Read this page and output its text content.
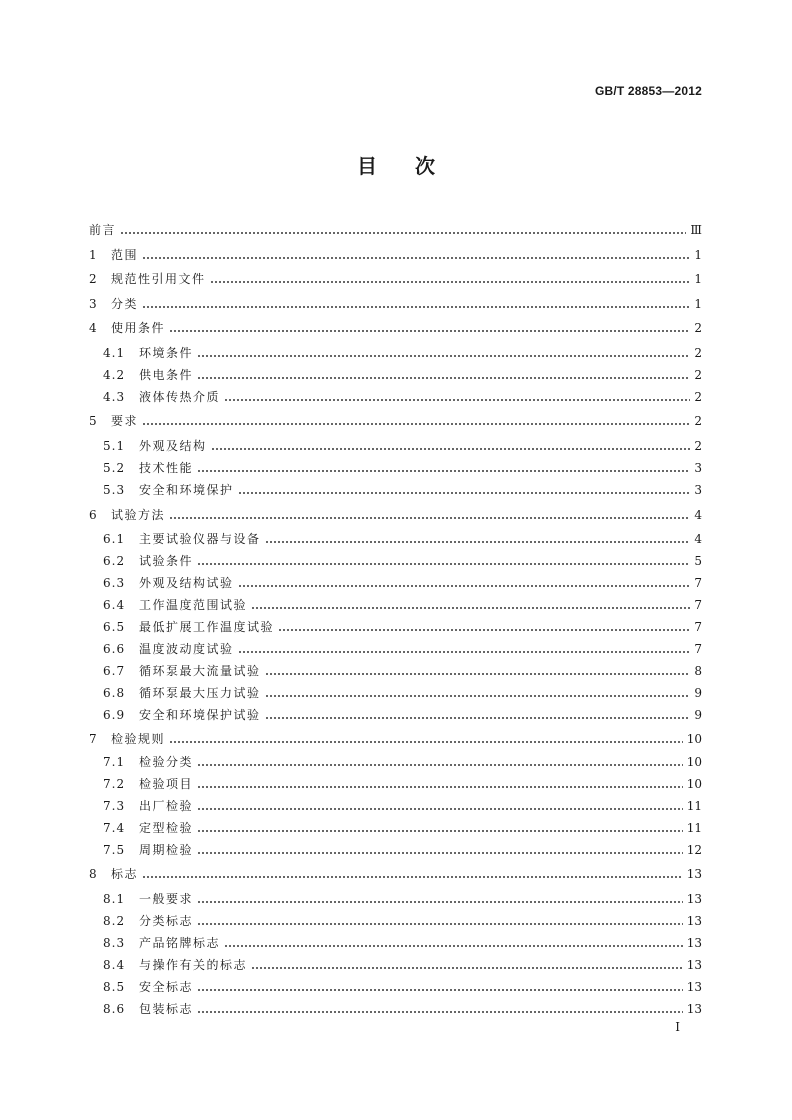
GB/T 28853—2012
目 次
前言	Ⅲ
1	范围	1
2	规范性引用文件	1
3	分类	1
4	使用条件	2
4.1	环境条件	2
4.2	供电条件	2
4.3	液体传热介质	2
5	要求	2
5.1	外观及结构	2
5.2	技术性能	3
5.3	安全和环境保护	3
6	试验方法	4
6.1	主要试验仪器与设备	4
6.2	试验条件	5
6.3	外观及结构试验	7
6.4	工作温度范围试验	7
6.5	最低扩展工作温度试验	7
6.6	温度波动度试验	7
6.7	循环泵最大流量试验	8
6.8	循环泵最大压力试验	9
6.9	安全和环境保护试验	9
7	检验规则	10
7.1	检验分类	10
7.2	检验项目	10
7.3	出厂检验	11
7.4	定型检验	11
7.5	周期检验	12
8	标志	13
8.1	一般要求	13
8.2	分类标志	13
8.3	产品铭牌标志	13
8.4	与操作有关的标志	13
8.5	安全标志	13
8.6	包装标志	13
I
